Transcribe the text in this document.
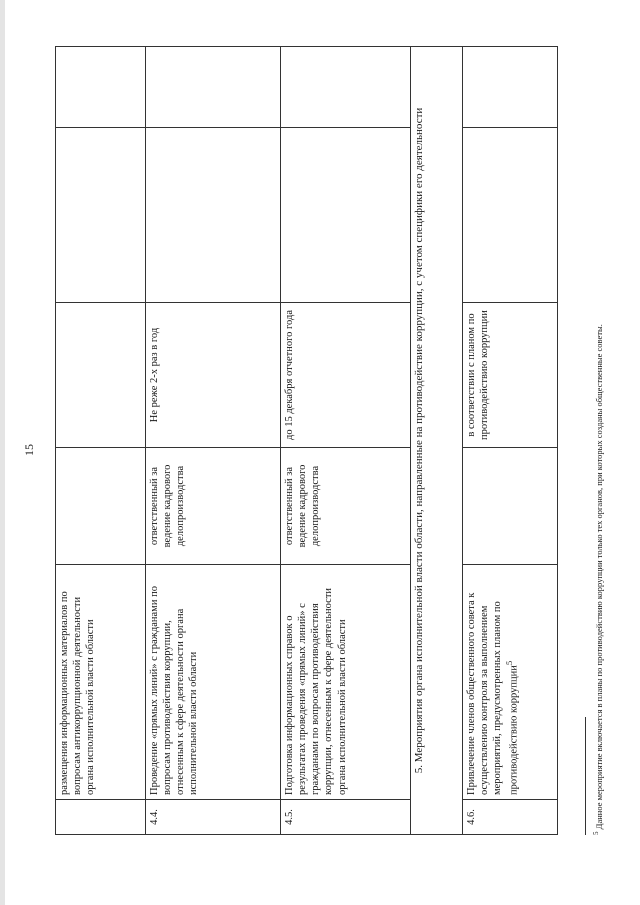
15
	размещения информационных материалов по вопросам антикоррупционной деятельности органа исполнительной власти области				
4.4.	Проведение «прямых линий» с гражданами по вопросам противодействия коррупции, отнесенным к сфере деятельности органа исполнительной власти области	ответственный за ведение кадрового делопроизводства	Не реже 2-х раз в год		
4.5.	Подготовка информационных справок о результатах проведения «прямых линий» с гражданами по вопросам противодействия коррупции, отнесенным к сфере деятельности органа исполнительной власти области	ответственный за ведение кадрового делопроизводства	до 15 декабря отчетного года		
5. Мероприятия органа исполнительной власти области, направленные на противодействие коррупции, с учетом специфики его деятельности					
4.6.	Привлечение членов общественного совета к осуществлению контроля за выполнением мероприятий, предусмотренных планом по противодействию коррупции$^5$		в соответствии с планом по противодействию коррупции		
$^5$ Данное мероприятие включается в планы по противодействию коррупции только тех органов, при которых созданы общественные советы.
